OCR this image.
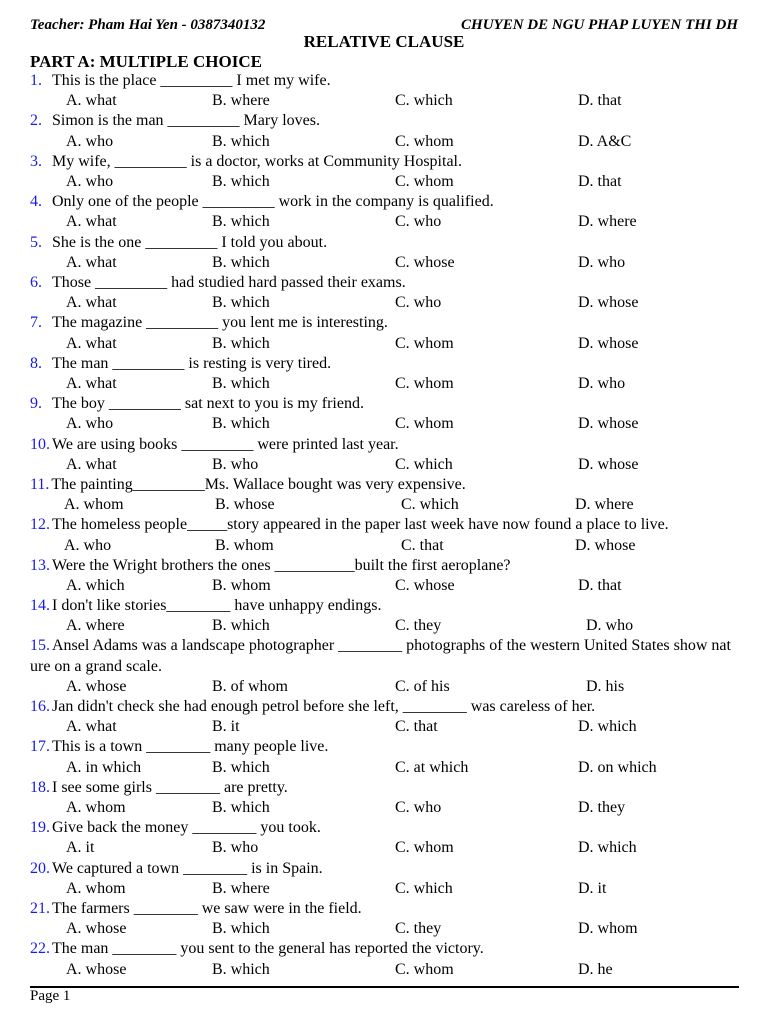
Teacher: Pham Hai Yen - 0387340132	CHUYEN DE NGU PHAP LUYEN THI DH
RELATIVE CLAUSE
PART A: MULTIPLE CHOICE
1. This is the place _________ I met my wife.
A. what	B. where	C. which	D. that
2. Simon is the man _________ Mary loves.
A. who	B. which	C. whom	D. A&C
3. My wife, _________ is a doctor, works at Community Hospital.
A. who	B. which	C. whom	D. that
4. Only one of the people _________ work in the company is qualified.
A. what	B. which	C. who	D. where
5. She is the one _________ I told you about.
A. what	B. which	C. whose	D. who
6. Those _________ had studied hard passed their exams.
A. what	B. which	C. who	D. whose
7. The magazine _________ you lent me is interesting.
A. what	B. which	C. whom	D. whose
8. The man _________ is resting is very tired.
A. what	B. which	C. whom	D. who
9. The boy _________ sat next to you is my friend.
A. who	B. which	C. whom	D. whose
10. We are using books _________ were printed last year.
A. what	B. who	C. which	D. whose
11. The painting_________Ms. Wallace bought was very expensive.
A. whom	B. whose	C. which	D. where
12. The homeless people_____story appeared in the paper last week have now found a place to live.
A. who	B. whom	C. that	D. whose
13. Were the Wright brothers the ones __________built the first aeroplane?
A. which	B. whom	C. whose	D. that
14. I don't like stories________ have unhappy endings.
A. where	B. which	C. they	D. who
15. Ansel Adams was a landscape photographer ________ photographs of the western United States show nat ure on a grand scale.
A. whose	B. of whom	C. of his	D. his
16. Jan didn't check she had enough petrol before she left, ________ was careless of her.
A. what	B. it	C. that	D. which
17. This is a town ________ many people live.
A. in which	B. which	C. at which	D. on which
18. I see some girls ________ are pretty.
A. whom	B. which	C. who	D. they
19. Give back the money ________ you took.
A. it	B. who	C. whom	D. which
20. We captured a town ________ is in Spain.
A. whom	B. where	C. which	D. it
21. The farmers ________ we saw were in the field.
A. whose	B. which	C. they	D. whom
22. The man ________ you sent to the general has reported the victory.
A. whose	B. which	C. whom	D. he
Page 1
